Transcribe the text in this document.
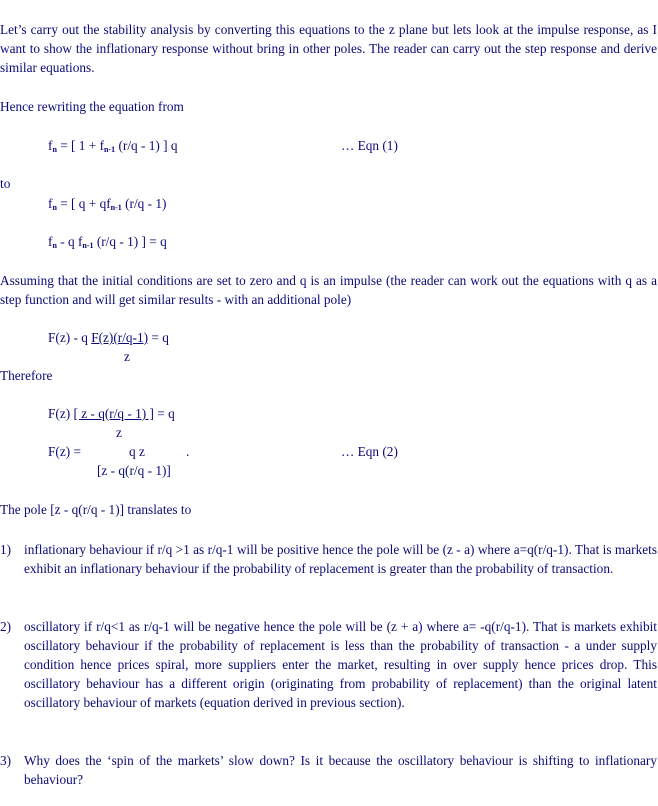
Let’s carry out the stability analysis by converting this equations to the z plane but lets look at the impulse response, as I want to show the inflationary response without bring in other poles. The reader can carry out the step response and derive similar equations.
Hence rewriting the equation from
$f_n$ = [ $1 + f_{n-1}$ (r/q - 1) ] q	… Eqn (1)
to
$f_n$ = [ $q + qf_{n-1}$ (r/q - 1)
$f_n$ - q $f_{n-1}$ (r/q - 1) ] = q
Assuming that the initial conditions are set to zero and q is an impulse (the reader can work out the equations with q as a step function and will get similar results - with an additional pole)
F(z) - q F(z)(r/q-1) = q
z
Therefore
F(z) [ z - q(r/q - 1) ] = q
z
F(z) =	q z	.	… Eqn (2)
[z - q(r/q - 1)]
The pole [z - q(r/q - 1)] translates to
1) inflationary behaviour if r/q >1 as r/q-1 will be positive hence the pole will be (z - a) where a=q(r/q-1). That is markets exhibit an inflationary behaviour if the probability of replacement is greater than the probability of transaction.
2) oscillatory if r/q<1 as r/q-1 will be negative hence the pole will be (z + a) where a= -q(r/q-1). That is markets exhibit oscillatory behaviour if the probability of replacement is less than the probability of transaction - a under supply condition hence prices spiral, more suppliers enter the market, resulting in over supply hence prices drop. This oscillatory behaviour has a different origin (originating from probability of replacement) than the original latent oscillatory behaviour of markets (equation derived in previous section).
3) Why does the ‘spin of the markets’ slow down? Is it because the oscillatory behaviour is shifting to inflationary behaviour?
